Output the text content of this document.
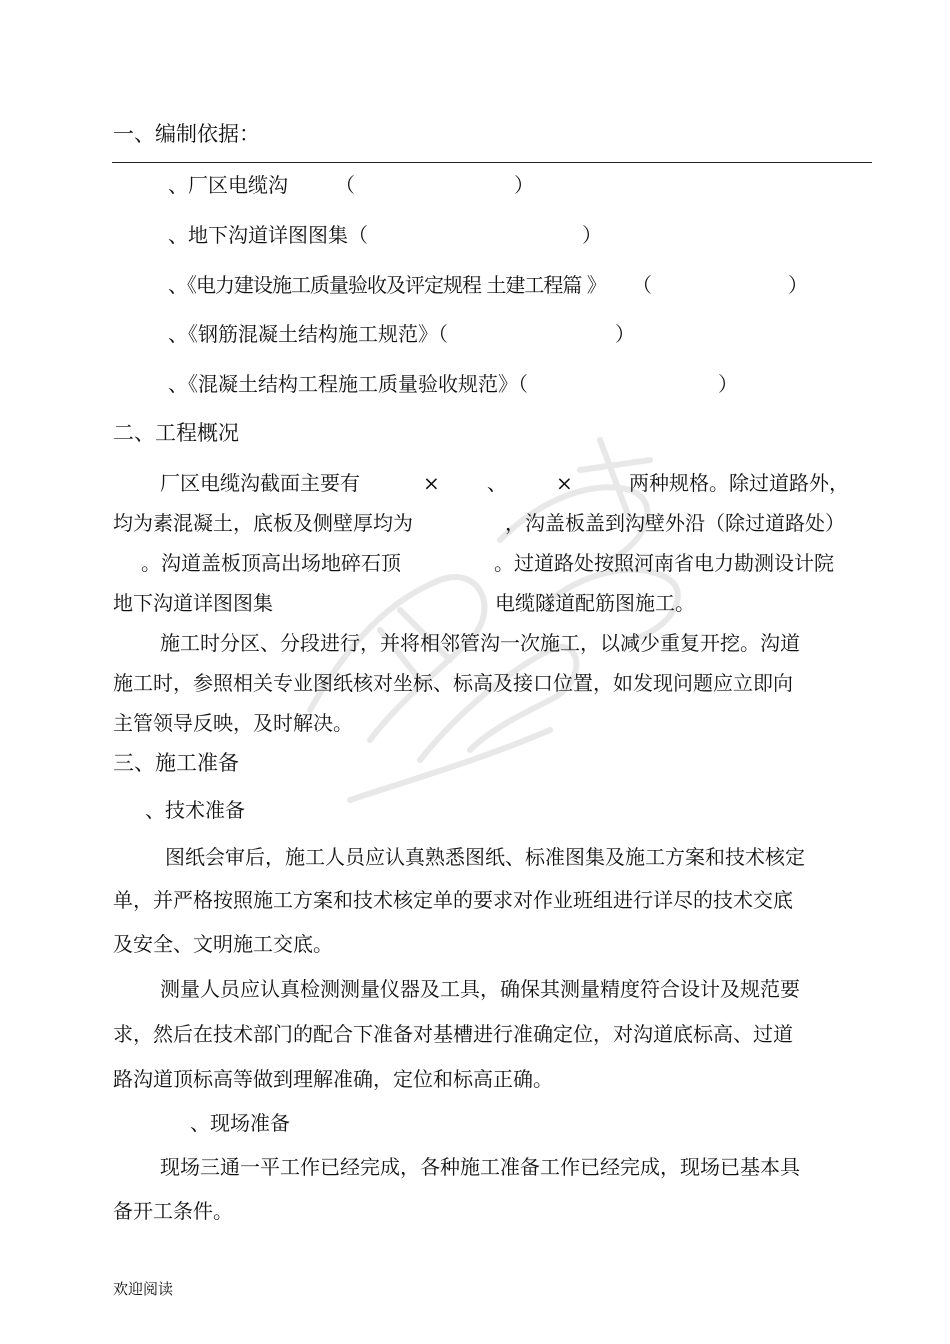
一、编制依据：
、厂区电缆沟 （	）
、地下沟道详图图集（	）
、《电力建设施工质量验收及评定规程 土建工程篇 》 （	）
、《钢筋混凝土结构施工规范》（	）
、《混凝土结构工程施工质量验收规范》（	）
二、工程概况
厂区电缆沟截面主要有	× 、 ×	两种规格。除过道路外，
均为素混凝土，底板及侧壁厚均为	，沟盖板盖到沟壁外沿（除过道路处）
。沟道盖板顶高出场地碎石顶	。过道路处按照河南省电力勘测设计院
地下沟道详图图集	电缆隧道配筋图施工。
施工时分区、分段进行，并将相邻管沟一次施工，以减少重复开挖。沟道
施工时，参照相关专业图纸核对坐标、标高及接口位置，如发现问题应立即向
主管领导反映，及时解决。
三、施工准备
、技术准备
图纸会审后，施工人员应认真熟悉图纸、标准图集及施工方案和技术核定
单，并严格按照施工方案和技术核定单的要求对作业班组进行详尽的技术交底
及安全、文明施工交底。
测量人员应认真检测测量仪器及工具，确保其测量精度符合设计及规范要
求，然后在技术部门的配合下准备对基槽进行准确定位，对沟道底标高、过道
路沟道顶标高等做到理解准确，定位和标高正确。
、现场准备
现场三通一平工作已经完成，各种施工准备工作已经完成，现场已基本具
备开工条件。
欢迎阅读
